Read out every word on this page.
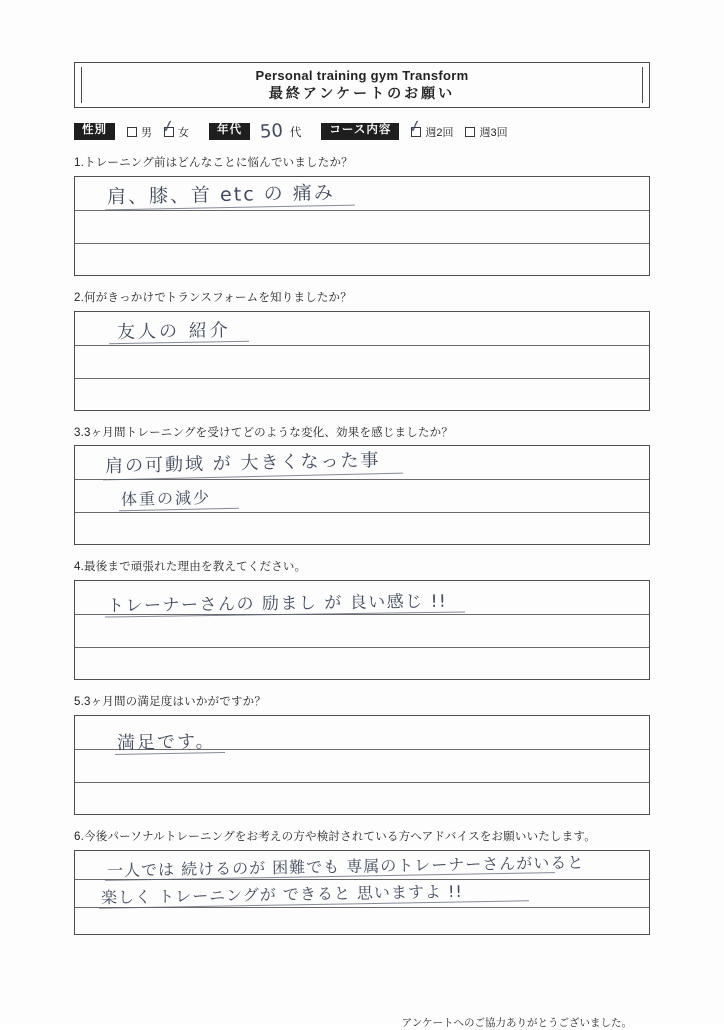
Personal training gym Transform
最終アンケートのお願い
性別	男 ✓ 女	年代 50 代	コース内容 ✓ 週2回 週3回
1.トレーニング前はどんなことに悩んでいましたか？
肩、膝、首 etc の 痛み
2.何がきっかけでトランスフォームを知りましたか？
友人の 紹介
3.3ヶ月間トレーニングを受けてどのような変化、効果を感じましたか？
肩の可動域 が 大きくなった事
体重の減少
4.最後まで頑張れた理由を教えてください。
トレーナーさんの 励まし が 良い感じ !!
5.3ヶ月間の満足度はいかがですか？
満足です。
6.今後パーソナルトレーニングをお考えの方や検討されている方へアドバイスをお願いいたします。
一人では 続けるのが 困難でも 専属のトレーナーさんがいると
楽しく トレーニングが できると 思いますよ !!
アンケートへのご協力ありがとうございました。
